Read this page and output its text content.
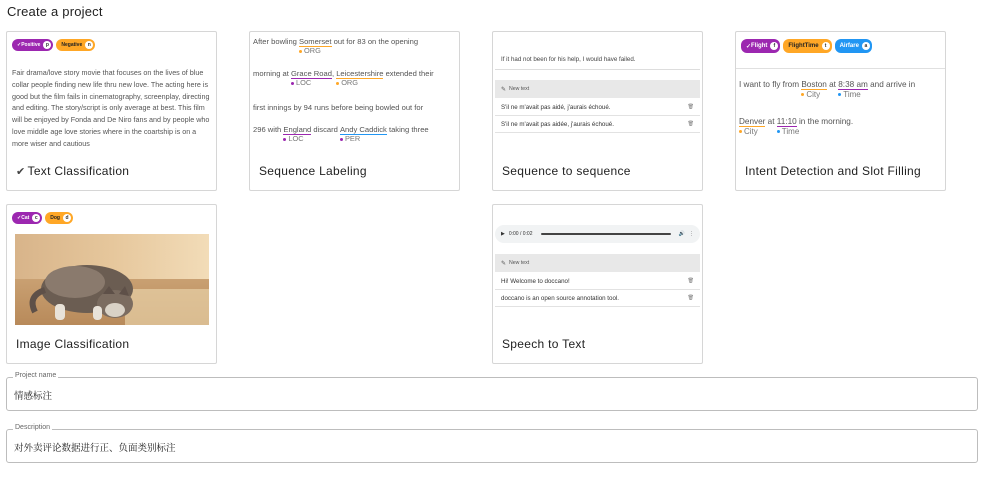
Create a project
✓ Positive	p	Negative	n
Fair drama/love story movie that focuses on the lives of blue collar people finding new life thru new love. The acting here is good but the film fails in cinematography, screenplay, directing and editing. The story/script is only average at best. This film will be enjoyed by Fonda and De Niro fans and by people who love middle age love stories where in the coartship is on a more wiser and cautious
✔ Text Classification
After bowling Somerset
ORG
out for 83 on the opening
morning at Grace Road
LOC
, Leicestershire
ORG
extended their
first innings by 94 runs before being bowled out for
296 with England
LOC
discard Andy Caddick
PER
taking three
Sequence Labeling
If it had not been for his help, I would have failed.
✎ New text
S'il ne m'avait pas aidé, j'aurais échoué.	🗑
S'il ne m'avait pas aidée, j'aurais échoué.	🗑
Sequence to sequence
✓ Flight	f	FlightTime	t	Airfare	a
I want to fly from Boston
City
at 8:38 am
Time
and arrive in
Denver
City
at 11:10
Time
in the morning.
Intent Detection and Slot Filling
✓ Cat	c	Dog	d
Image Classification
▶ 0:00 / 0:02	🔊 ⋮
✎ New text
Hi! Welcome to doccano!	🗑
doccano is an open source annotation tool.	🗑
Speech to Text
Project name
情感标注
Description
对外卖评论数据进行正、负面类别标注
